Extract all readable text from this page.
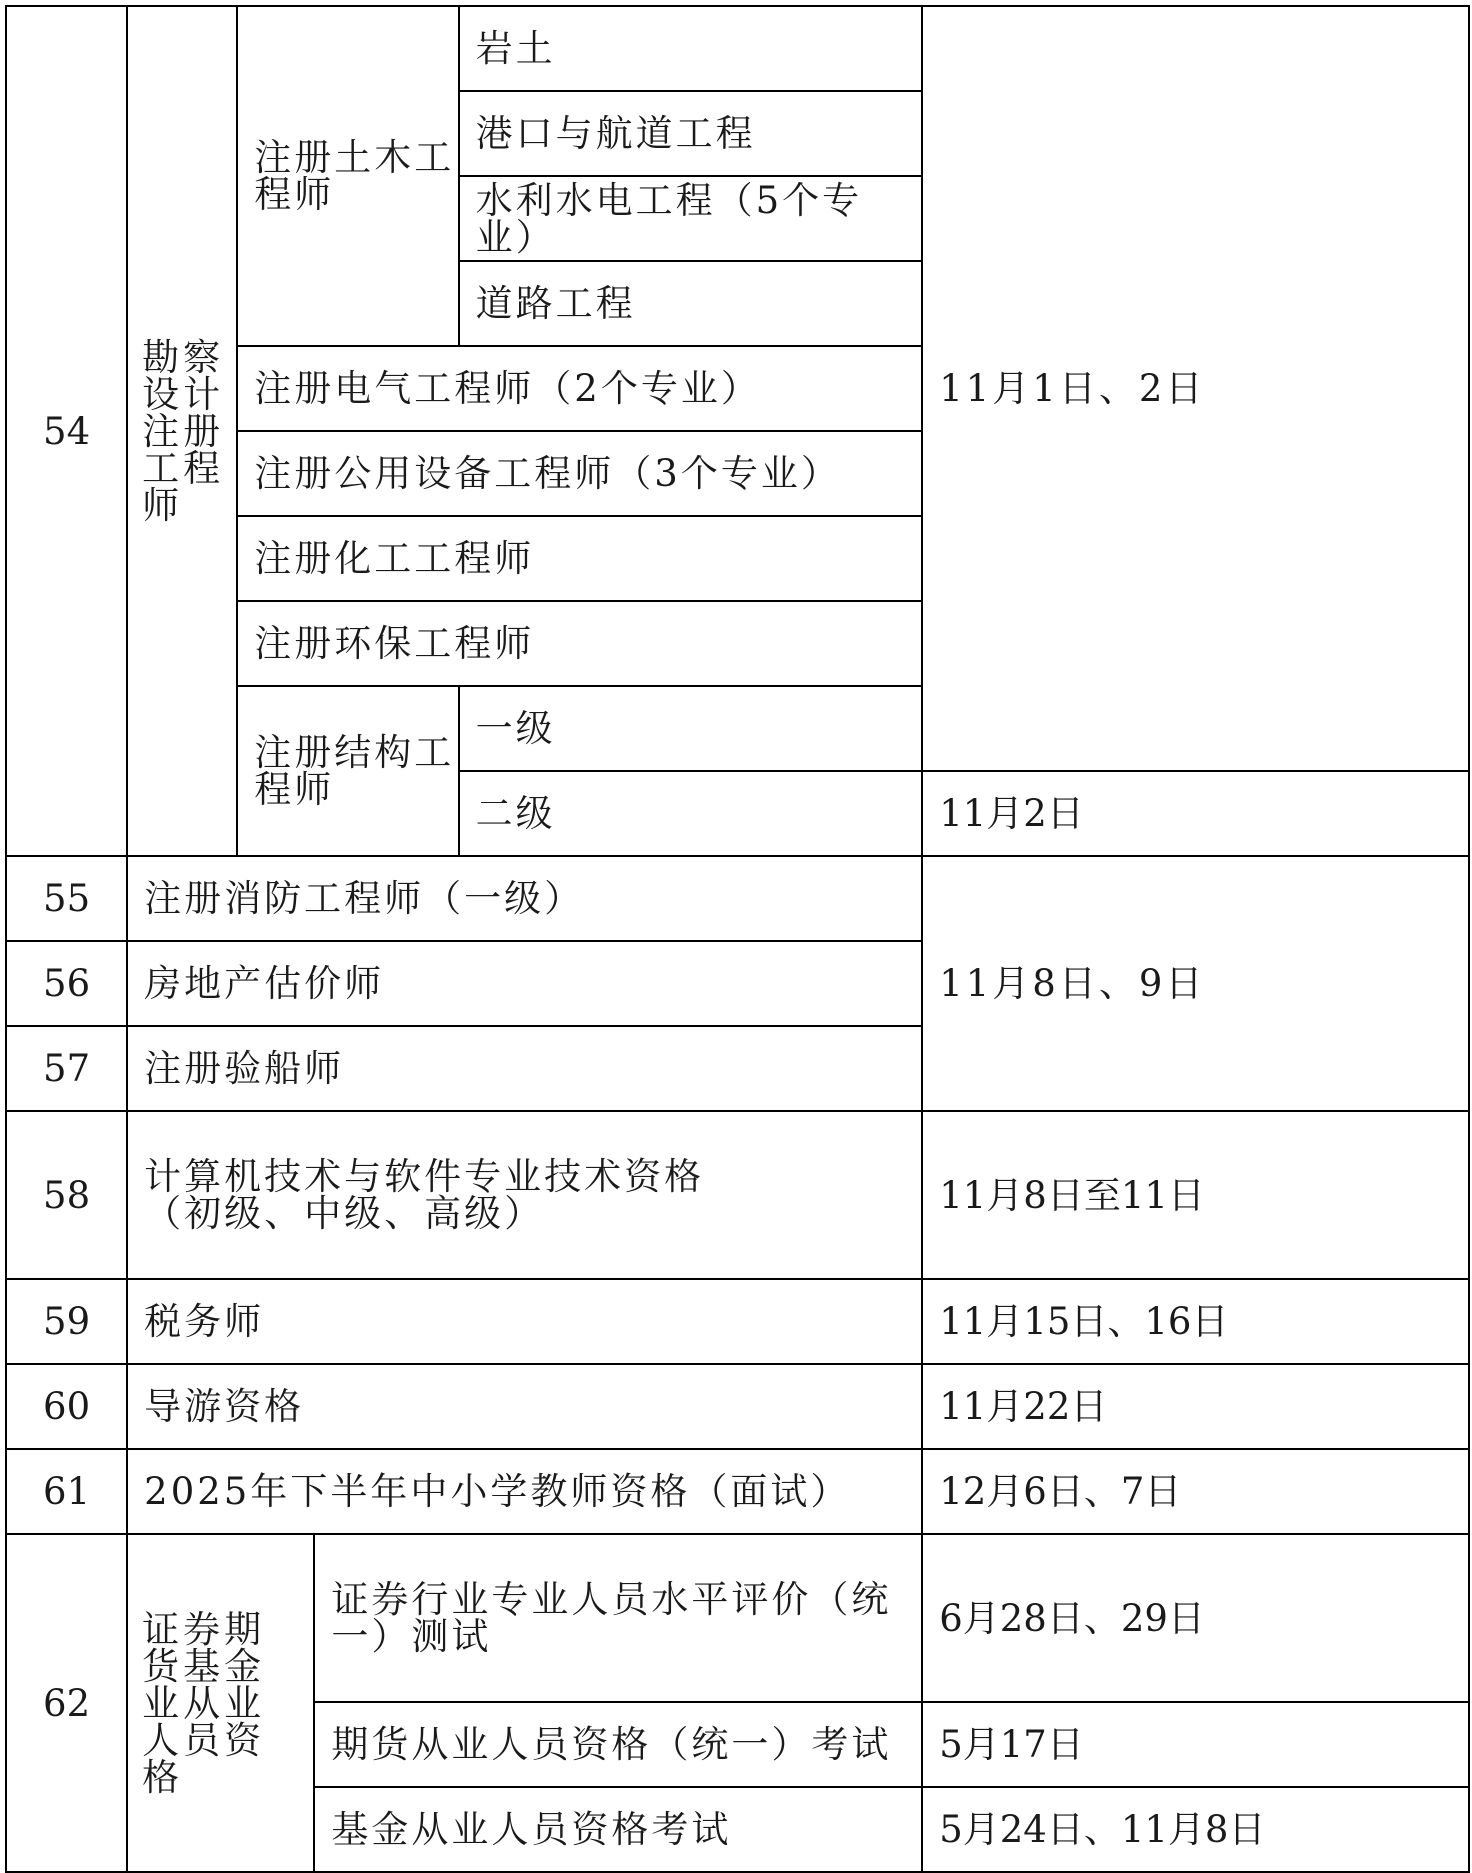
54	勘察设计注册工程师	注册土木工程师		岩土	11月1日、2日
				港口与航道工程	
				水利水电工程（5个专业）	
				道路工程	
		注册电气工程师（2个专业）			
		注册公用设备工程师（3个专业）			
		注册化工工程师			
		注册环保工程师			
		注册结构工程师		一级	
				二级	11月2日
55	注册消防工程师（一级）				11月8日、9日
56	房地产估价师				
57	注册验船师				
58	计算机技术与软件专业技术资格（初级、中级、高级）				11月8日至11日
59	税务师				11月15日、16日
60	导游资格				11月22日
61	2025年下半年中小学教师资格（面试）				12月6日、7日
62	证券期货基金业从业人员资格		证券行业专业人员水平评价（统一）测试		6月28日、29日
			期货从业人员资格（统一）考试		5月17日
			基金从业人员资格考试		5月24日、11月8日
